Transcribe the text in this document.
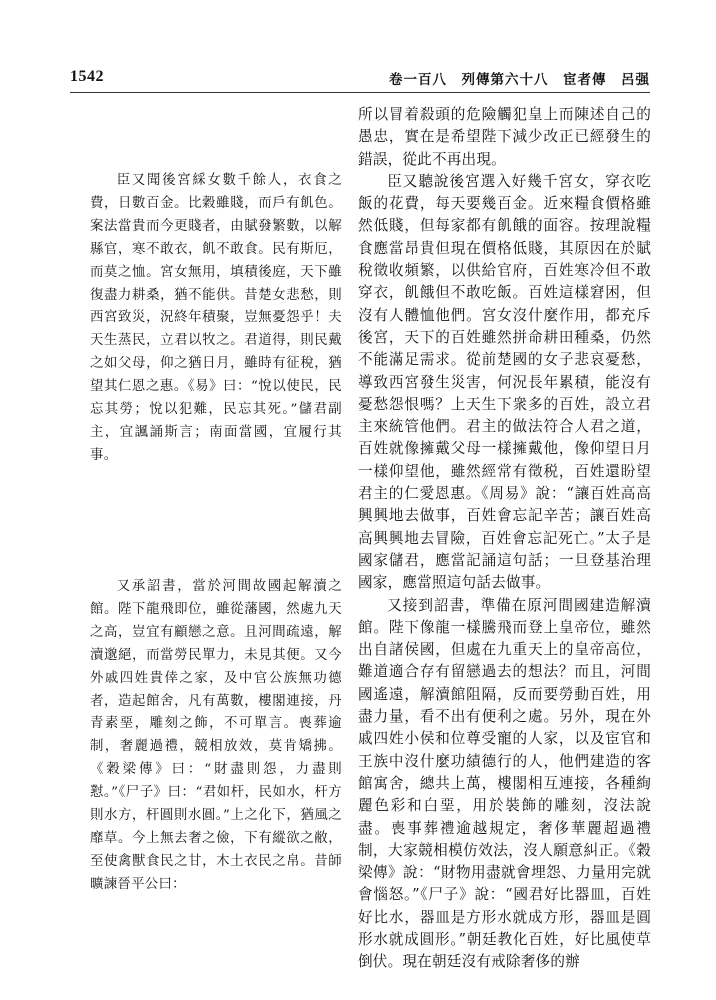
1542	卷一百八　列傳第六十八　宦者傳　呂强

臣又聞後宮綵女數千餘人，衣食之費，日數百金。比穀雖賤，而戶有飢色。案法當貴而今更賤者，由賦發繁數，以解縣官，寒不敢衣，飢不敢食。民有斯厄，而莫之恤。宮女無用，填積後庭，天下雖復盡力耕桑，猶不能供。昔楚女悲愁，則西宮致災，況終年積聚，豈無憂怨乎！夫天生蒸民，立君以牧之。君道得，則民戴之如父母，仰之猶日月，雖時有征稅，猶望其仁恩之惠。《易》曰：“悅以使民，民忘其勞；悅以犯難，民忘其死。”儲君副主，宜諷誦斯言；南面當國，宜履行其事。

又承詔書，當於河間故國起解瀆之館。陛下龍飛即位，雖從藩國，然處九天之高，豈宜有顧戀之意。且河間疏遠，解瀆邈絕，而當勞民單力，未見其便。又今外戚四姓貴倖之家，及中官公族無功德者，造起館舍，凡有萬數，樓閣連接，丹青素堊，雕刻之飾，不可單言。喪葬逾制，奢麗過禮，競相放效，莫肯矯拂。《穀梁傳》曰：“財盡則怨，力盡則懟。”《尸子》曰：“君如杆，民如水，杆方則水方，杆圓則水圓。”上之化下，猶風之靡草。今上無去奢之儉，下有縱欲之敝，至使禽獸食民之甘，木土衣民之帛。昔師曠諫晉平公曰：

所以冒着殺頭的危險觸犯皇上而陳述自己的愚忠，實在是希望陛下減少改正已經發生的錯誤，從此不再出現。

臣又聽說後宮選入好幾千宮女，穿衣吃飯的花費，每天要幾百金。近來糧食價格雖然低賤，但每家都有飢餓的面容。按理說糧食應當昂貴但現在價格低賤，其原因在於賦稅徵收頻繁，以供給官府，百姓寒冷但不敢穿衣，飢餓但不敢吃飯。百姓這樣窘困，但沒有人體恤他們。宮女沒什麼作用，都充斥後宮，天下的百姓雖然拼命耕田種桑，仍然不能滿足需求。從前楚國的女子悲哀憂愁，導致西宮發生災害，何況長年累積，能沒有憂愁怨恨嗎？上天生下衆多的百姓，設立君主來統管他們。君主的做法符合人君之道，百姓就像擁戴父母一樣擁戴他，像仰望日月一樣仰望他，雖然經常有徵税，百姓還盼望君主的仁愛恩惠。《周易》說：“讓百姓高高興興地去做事，百姓會忘記辛苦；讓百姓高高興興地去冒險，百姓會忘記死亡。”太子是國家儲君，應當記誦這句話；一旦登基治理國家，應當照這句話去做事。

又接到詔書，準備在原河間國建造解瀆館。陛下像龍一樣騰飛而登上皇帝位，雖然出自諸侯國，但處在九重天上的皇帝高位，難道適合存有留戀過去的想法？而且，河間國遙遠，解瀆館阻隔，反而要勞動百姓，用盡力量，看不出有便利之處。另外，現在外戚四姓小侯和位尊受寵的人家，以及宦官和王族中沒什麼功績德行的人，他們建造的客館寓舍，總共上萬，樓閣相互連接，各種絢麗色彩和白堊，用於裝飾的雕刻，沒法說盡。喪事葬禮逾越規定，奢侈華麗超過禮制，大家競相模仿效法，沒人願意糾正。《穀梁傳》說：“財物用盡就會埋怨、力量用完就會惱怒。”《尸子》說：“國君好比器皿，百姓好比水，器皿是方形水就成方形，器皿是圓形水就成圓形。”朝廷教化百姓，好比風使草倒伏。現在朝廷沒有戒除奢侈的辦
